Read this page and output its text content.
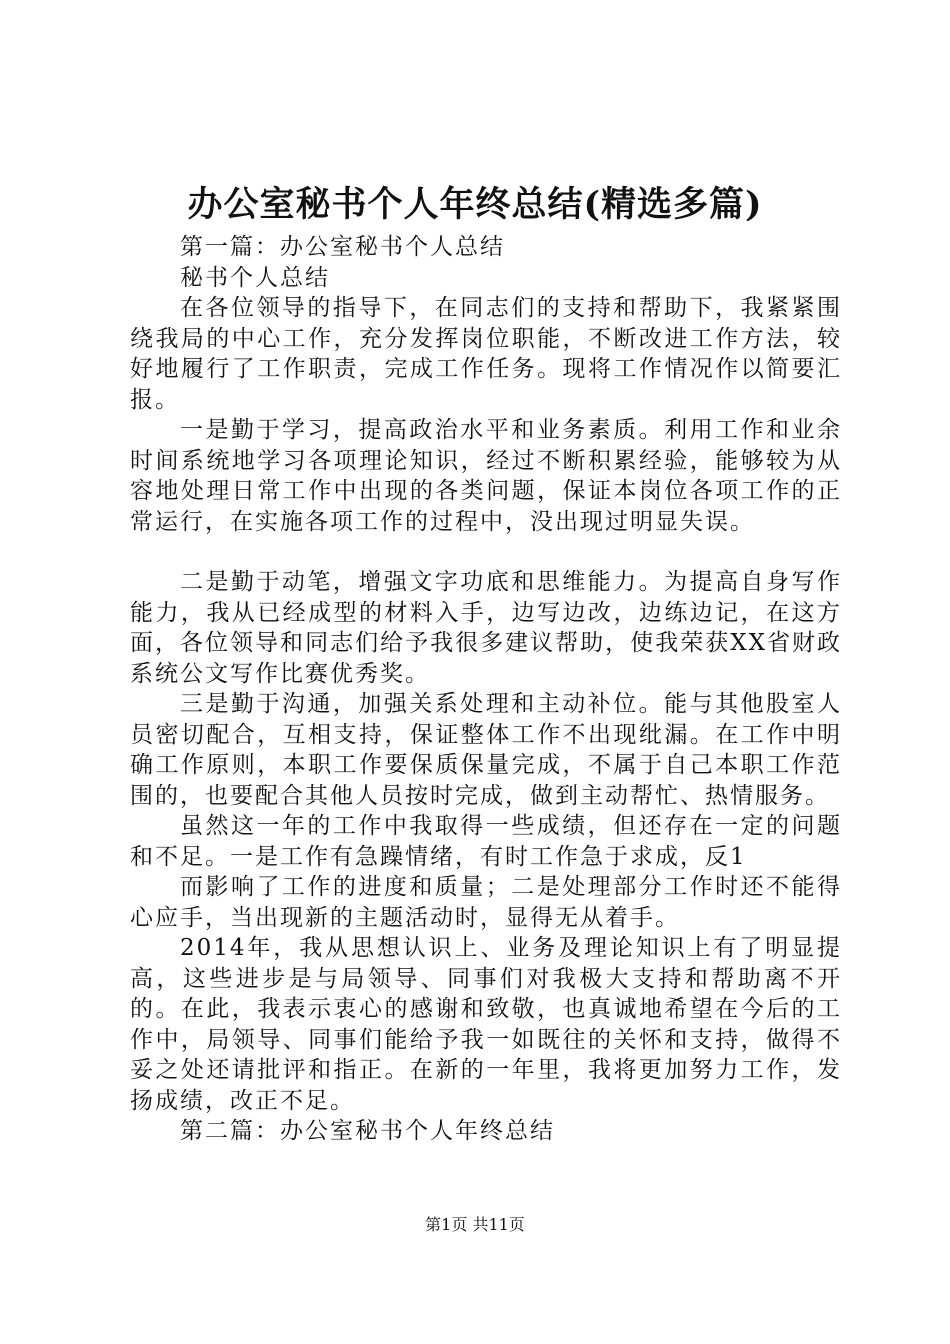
办公室秘书个人年终总结(精选多篇)

第一篇：办公室秘书个人总结

秘书个人总结

在各位领导的指导下，在同志们的支持和帮助下，我紧紧围绕我局的中心工作，充分发挥岗位职能，不断改进工作方法，较好地履行了工作职责，完成工作任务。现将工作情况作以简要汇报。

一是勤于学习，提高政治水平和业务素质。利用工作和业余时间系统地学习各项理论知识，经过不断积累经验，能够较为从容地处理日常工作中出现的各类问题，保证本岗位各项工作的正常运行，在实施各项工作的过程中，没出现过明显失误。

二是勤于动笔，增强文字功底和思维能力。为提高自身写作能力，我从已经成型的材料入手，边写边改，边练边记，在这方面，各位领导和同志们给予我很多建议帮助，使我荣获XX省财政系统公文写作比赛优秀奖。

三是勤于沟通，加强关系处理和主动补位。能与其他股室人员密切配合，互相支持，保证整体工作不出现纰漏。在工作中明确工作原则，本职工作要保质保量完成，不属于自己本职工作范围的，也要配合其他人员按时完成，做到主动帮忙、热情服务。

虽然这一年的工作中我取得一些成绩，但还存在一定的问题和不足。一是工作有急躁情绪，有时工作急于求成，反1

而影响了工作的进度和质量；二是处理部分工作时还不能得心应手，当出现新的主题活动时，显得无从着手。

2014年，我从思想认识上、业务及理论知识上有了明显提高，这些进步是与局领导、同事们对我极大支持和帮助离不开的。在此，我表示衷心的感谢和致敬，也真诚地希望在今后的工作中，局领导、同事们能给予我一如既往的关怀和支持，做得不妥之处还请批评和指正。在新的一年里，我将更加努力工作，发扬成绩，改正不足。

第二篇：办公室秘书个人年终总结

第1页 共11页
